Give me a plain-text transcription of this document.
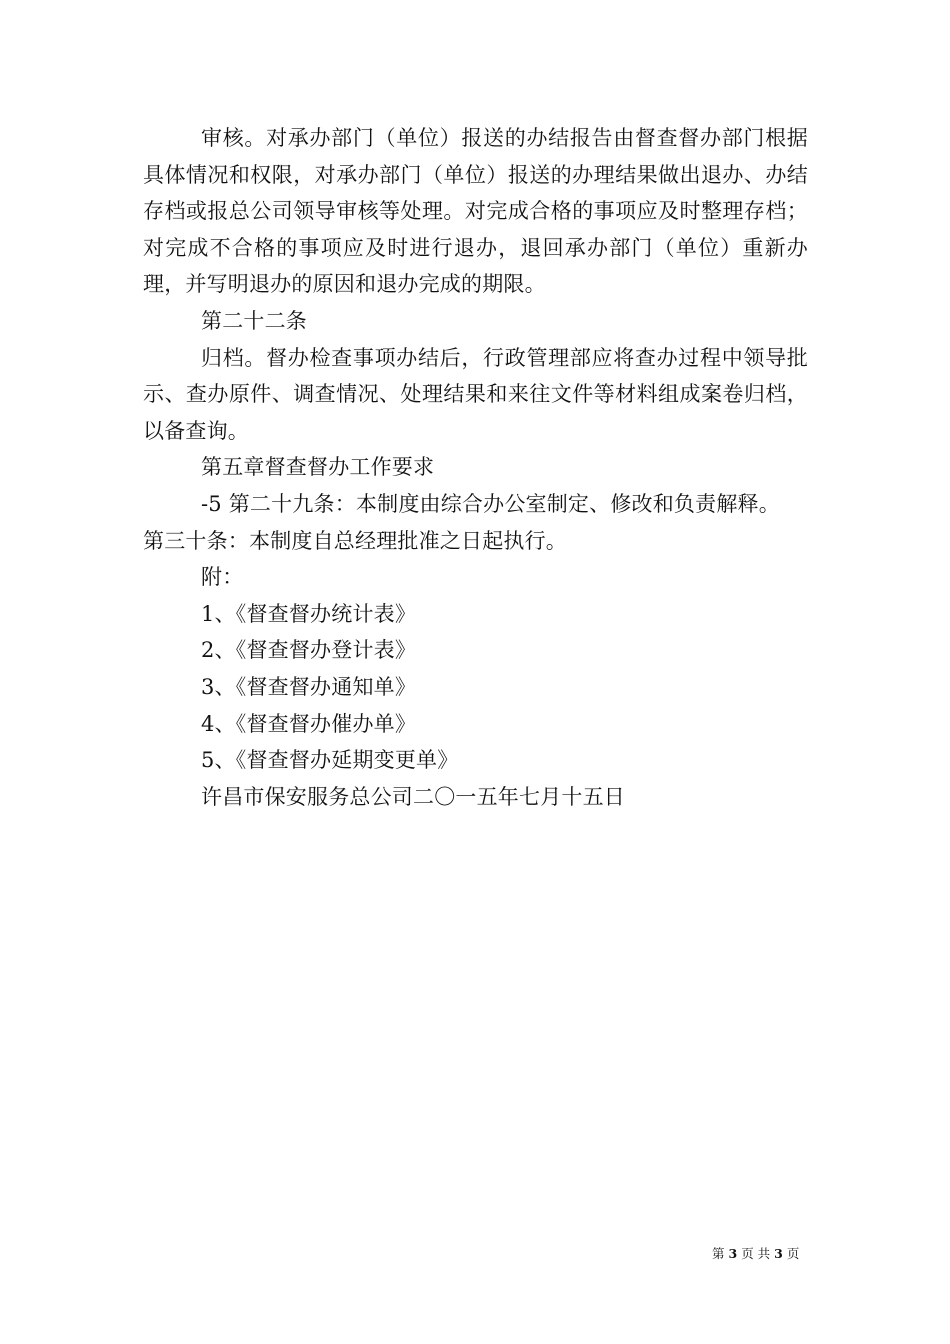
审核。对承办部门（单位）报送的办结报告由督查督办部门根据具体情况和权限，对承办部门（单位）报送的办理结果做出退办、办结存档或报总公司领导审核等处理。对完成合格的事项应及时整理存档；对完成不合格的事项应及时进行退办，退回承办部门（单位）重新办理，并写明退办的原因和退办完成的期限。

第二十二条

归档。督办检查事项办结后，行政管理部应将查办过程中领导批示、查办原件、调查情况、处理结果和来往文件等材料组成案卷归档，以备查询。

第五章督查督办工作要求

-5 第二十九条：本制度由综合办公室制定、修改和负责解释。

第三十条：本制度自总经理批准之日起执行。

附：

1、《督查督办统计表》

2、《督查督办登计表》

3、《督查督办通知单》

4、《督查督办催办单》

5、《督查督办延期变更单》

许昌市保安服务总公司二〇一五年七月十五日

第 3 页 共 3 页
